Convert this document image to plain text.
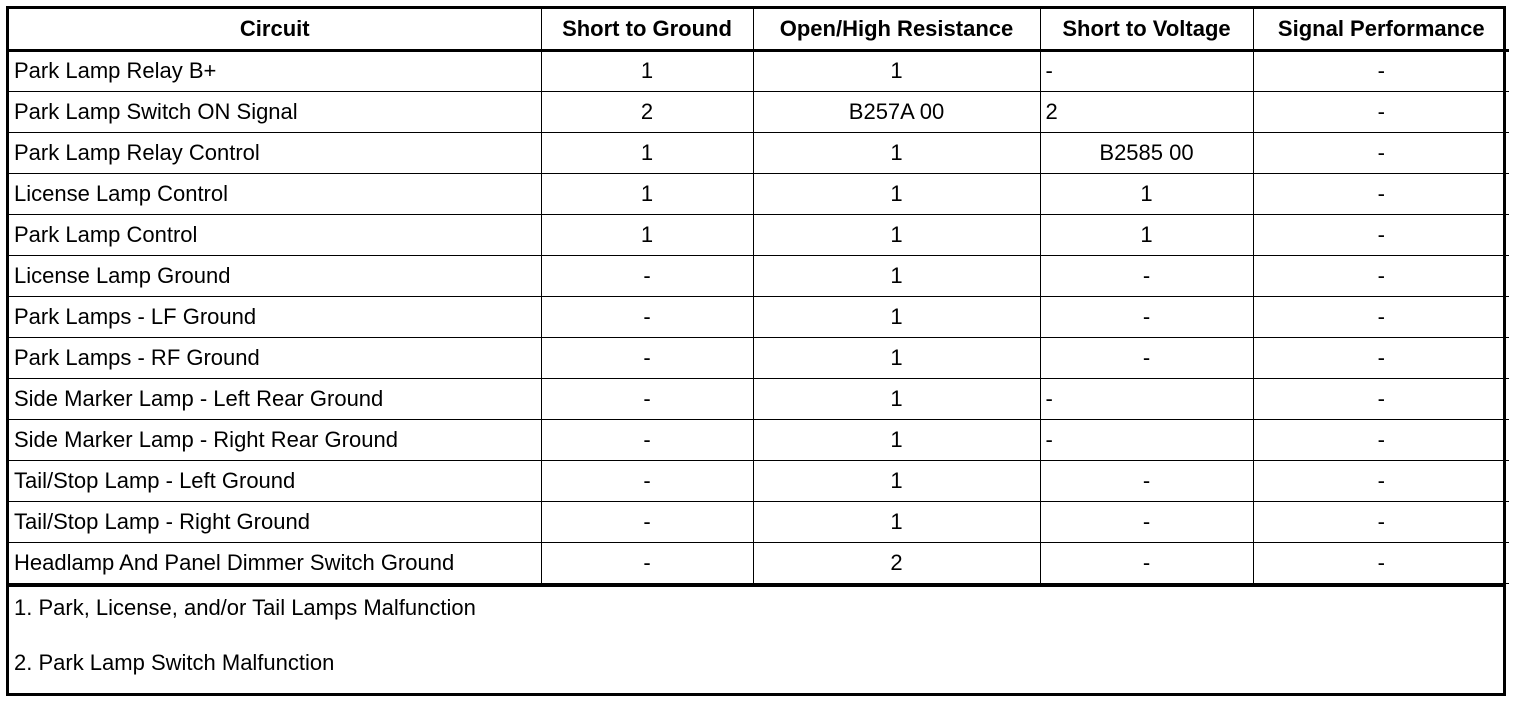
Circuit	Short to Ground	Open/High Resistance	Short to Voltage	Signal Performance
Park Lamp Relay B+	1	1	-	-
Park Lamp Switch ON Signal	2	B257A 00	2	-
Park Lamp Relay Control	1	1	B2585 00	-
License Lamp Control	1	1	1	-
Park Lamp Control	1	1	1	-
License Lamp Ground	-	1	-	-
Park Lamps - LF Ground	-	1	-	-
Park Lamps - RF Ground	-	1	-	-
Side Marker Lamp - Left Rear Ground	-	1	-	-
Side Marker Lamp - Right Rear Ground	-	1	-	-
Tail/Stop Lamp - Left Ground	-	1	-	-
Tail/Stop Lamp - Right Ground	-	1	-	-
Headlamp And Panel Dimmer Switch Ground	-	2	-	-
1. Park, License, and/or Tail Lamps Malfunction
2. Park Lamp Switch Malfunction
